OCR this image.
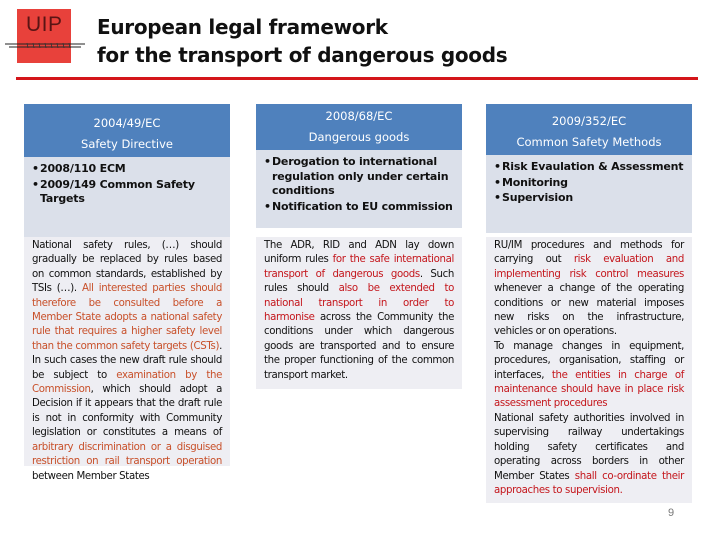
UIP European legal framework
for the transport of dangerous goods
2004/49/EC
Safety Directive
• 2008/110 ECM
• 2009/149 Common Safety Targets
National safety rules, (…) should gradually be replaced by rules based on common standards, established by TSIs (…). All interested parties should therefore be consulted before a Member State adopts a national safety rule that requires a higher safety level than the common safety targets (CSTs). In such cases the new draft rule should be subject to examination by the Commission, which should adopt a Decision if it appears that the draft rule is not in conformity with Community legislation or constitutes a means of arbitrary discrimination or a disguised restriction on rail transport operation between Member States
2008/68/EC
Dangerous goods
• Derogation to international regulation only under certain conditions
• Notification to EU commission
The ADR, RID and ADN lay down uniform rules for the safe international transport of dangerous goods. Such rules should also be extended to national transport in order to harmonise across the Community the conditions under which dangerous goods are transported and to ensure the proper functioning of the common transport market.
2009/352/EC
Common Safety Methods
• Risk Evaulation & Assessment
• Monitoring
• Supervision
RU/IM procedures and methods for carrying out risk evaluation and implementing risk control measures whenever a change of the operating conditions or new material imposes new risks on the infrastructure, vehicles or on operations.
To manage changes in equipment, procedures, organisation, staffing or interfaces, the entities in charge of maintenance should have in place risk assessment procedures
National safety authorities involved in supervising railway undertakings holding safety certificates and operating across borders in other Member States shall co-ordinate their approaches to supervision.
9
